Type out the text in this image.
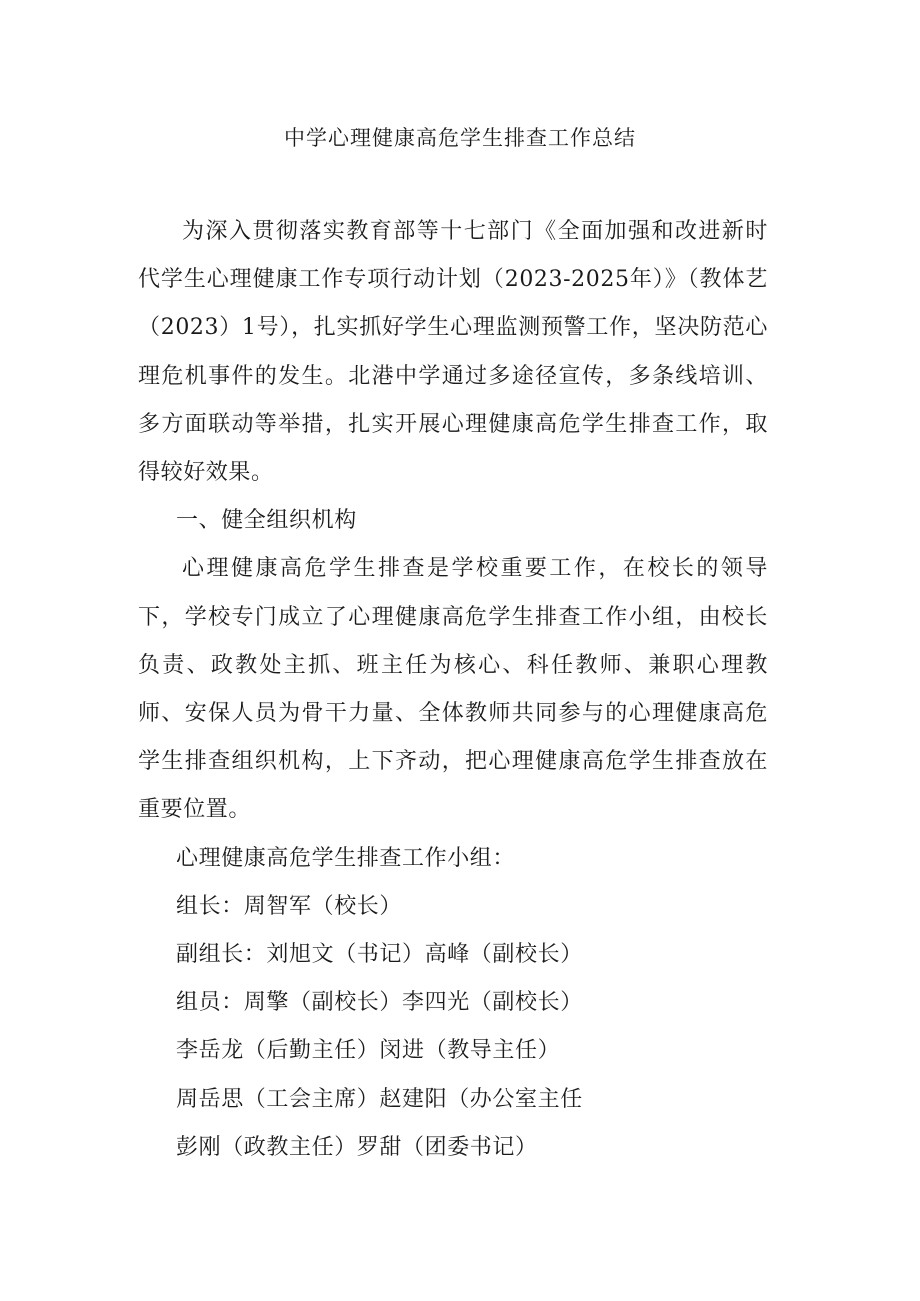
中学心理健康高危学生排查工作总结

为深入贯彻落实教育部等十七部门《全面加强和改进新时代学生心理健康工作专项行动计划（2023-2025年）》（教体艺（2023）1号），扎实抓好学生心理监测预警工作，坚决防范心理危机事件的发生。北港中学通过多途径宣传，多条线培训、多方面联动等举措，扎实开展心理健康高危学生排查工作，取得较好效果。

一、健全组织机构

心理健康高危学生排查是学校重要工作，在校长的领导下，学校专门成立了心理健康高危学生排查工作小组，由校长负责、政教处主抓、班主任为核心、科任教师、兼职心理教师、安保人员为骨干力量、全体教师共同参与的心理健康高危学生排查组织机构，上下齐动，把心理健康高危学生排查放在重要位置。

心理健康高危学生排查工作小组：

组长：周智军（校长）

副组长：刘旭文（书记）高峰（副校长）

组员：周擎（副校长）李四光（副校长）

李岳龙（后勤主任）闵进（教导主任）

周岳思（工会主席）赵建阳（办公室主任

彭刚（政教主任）罗甜（团委书记）
